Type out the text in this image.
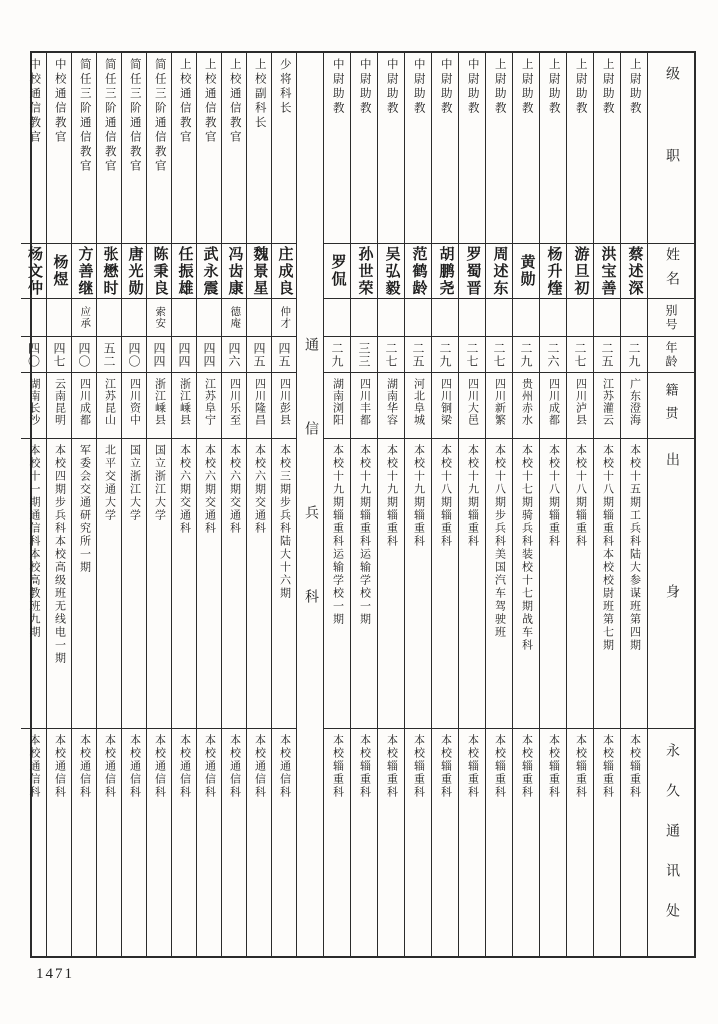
级职
姓名
别号
年龄
籍贯
出身
永久通讯处
上尉助教
蔡述深
二九
广东澄海
本校十五期工兵科陆大参谋班第四期
本校辎重科
上尉助教
洪宝善
二五
江苏灌云
本校十八期辎重科本校校尉班第七期
本校辎重科
上尉助教
游旦初
二七
四川泸县
本校十八期辎重科
本校辎重科
上尉助教
杨升煃
二六
四川成都
本校十八期辎重科
本校辎重科
上尉助教
黄勋
二九
贵州赤水
本校十七期骑兵科装校十七期战车科
本校辎重科
上尉助教
周述东
二七
四川新繁
本校十八期步兵科美国汽车驾驶班
本校辎重科
中尉助教
罗蜀晋
二七
四川大邑
本校十九期辎重科
本校辎重科
中尉助教
胡鹏尧
二九
四川铜梁
本校十八期辎重科
本校辎重科
中尉助教
范鹤龄
二五
河北阜城
本校十九期辎重科
本校辎重科
中尉助教
吴弘毅
二七
湖南华容
本校十九期辎重科
本校辎重科
中尉助教
孙世荣
三三
四川丰都
本校十九期辎重科运输学校一期
本校辎重科
中尉助教
罗侃
二九
湖南浏阳
本校十九期辎重科运输学校一期
本校辎重科
通信兵科
少将科长
庄成良
仲才
四五
四川彭县
本校三期步兵科陆大十六期
本校通信科
上校副科长
魏景星
四五
四川隆昌
本校六期交通科
本校通信科
上校通信教官
冯齿康
德庵
四六
四川乐至
本校六期交通科
本校通信科
上校通信教官
武永震
四四
江苏阜宁
本校六期交通科
本校通信科
上校通信教官
任振雄
四四
浙江嵊县
本校六期交通科
本校通信科
简任三阶通信教官
陈秉良
索安
四四
浙江嵊县
国立浙江大学
本校通信科
简任三阶通信教官
唐光勋
四〇
四川资中
国立浙江大学
本校通信科
简任三阶通信教官
张懋时
五二
江苏昆山
北平交通大学
本校通信科
简任三阶通信教官
方善继
应承
四〇
四川成都
军委会交通研究所一期
本校通信科
中校通信教官
杨煜
四七
云南昆明
本校四期步兵科本校高级班无线电一期
本校通信科
中校通信教官
杨文仲
四〇
湖南长沙
本校十一期通信科本校高教班九期
本校通信科
1471
